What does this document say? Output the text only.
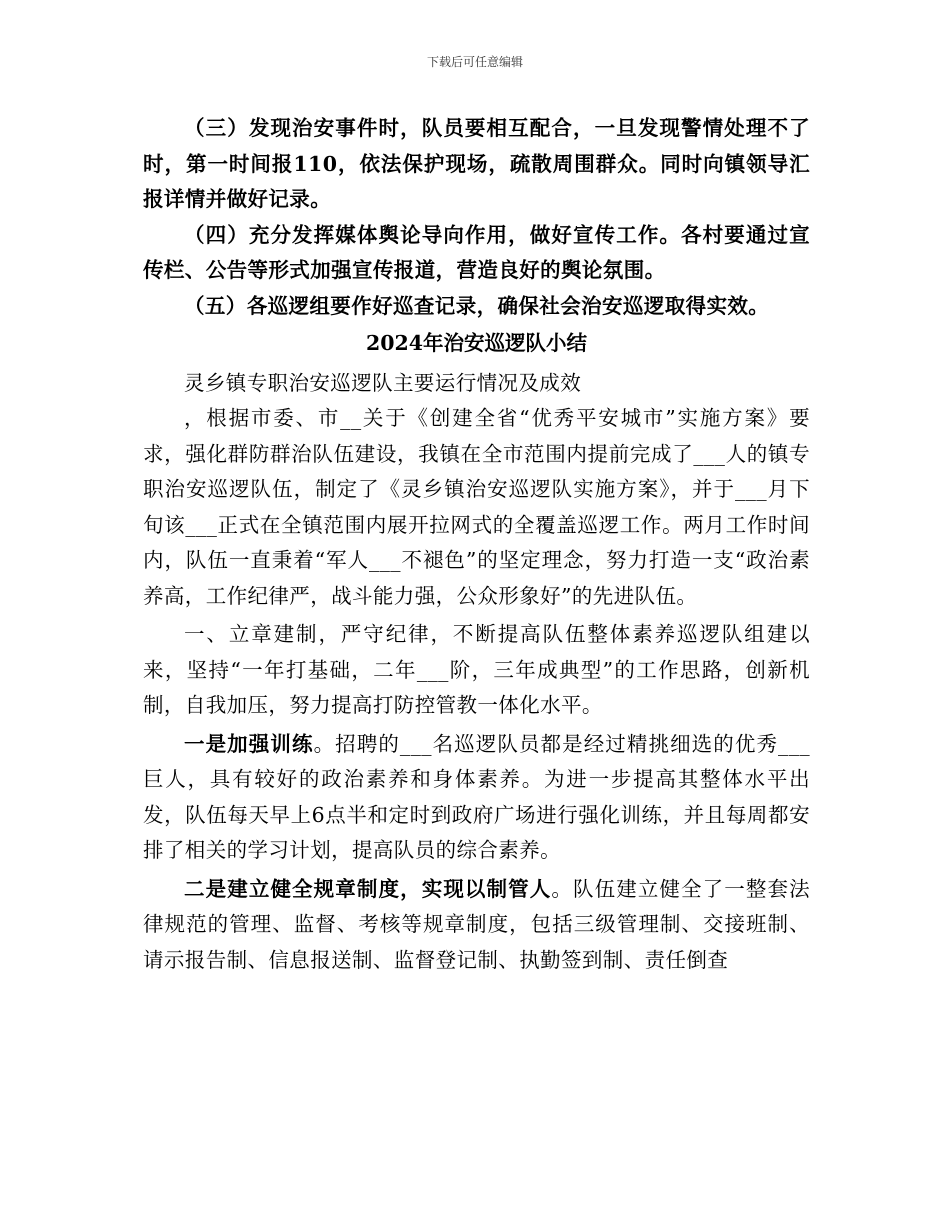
下载后可任意编辑

（三）发现治安事件时，队员要相互配合，一旦发现警情处理不了时，第一时间报110，依法保护现场，疏散周围群众。同时向镇领导汇报详情并做好记录。

（四）充分发挥媒体舆论导向作用，做好宣传工作。各村要通过宣传栏、公告等形式加强宣传报道，营造良好的舆论氛围。

（五）各巡逻组要作好巡查记录，确保社会治安巡逻取得实效。

2024年治安巡逻队小结

灵乡镇专职治安巡逻队主要运行情况及成效

，根据市委、市__关于《创建全省“优秀平安城市”实施方案》要求，强化群防群治队伍建设，我镇在全市范围内提前完成了___人的镇专职治安巡逻队伍，制定了《灵乡镇治安巡逻队实施方案》，并于___月下旬该___正式在全镇范围内展开拉网式的全覆盖巡逻工作。两月工作时间内，队伍一直秉着“军人___不褪色”的坚定理念，努力打造一支“政治素养高，工作纪律严，战斗能力强，公众形象好”的先进队伍。

一、立章建制，严守纪律，不断提高队伍整体素养巡逻队组建以来，坚持“一年打基础，二年___阶，三年成典型”的工作思路，创新机制，自我加压，努力提高打防控管教一体化水平。

一是加强训练。招聘的___名巡逻队员都是经过精挑细选的优秀___巨人，具有较好的政治素养和身体素养。为进一步提高其整体水平出发，队伍每天早上6点半和定时到政府广场进行强化训练，并且每周都安排了相关的学习计划，提高队员的综合素养。

二是建立健全规章制度，实现以制管人。队伍建立健全了一整套法律规范的管理、监督、考核等规章制度，包括三级管理制、交接班制、请示报告制、信息报送制、监督登记制、执勤签到制、责任倒查
